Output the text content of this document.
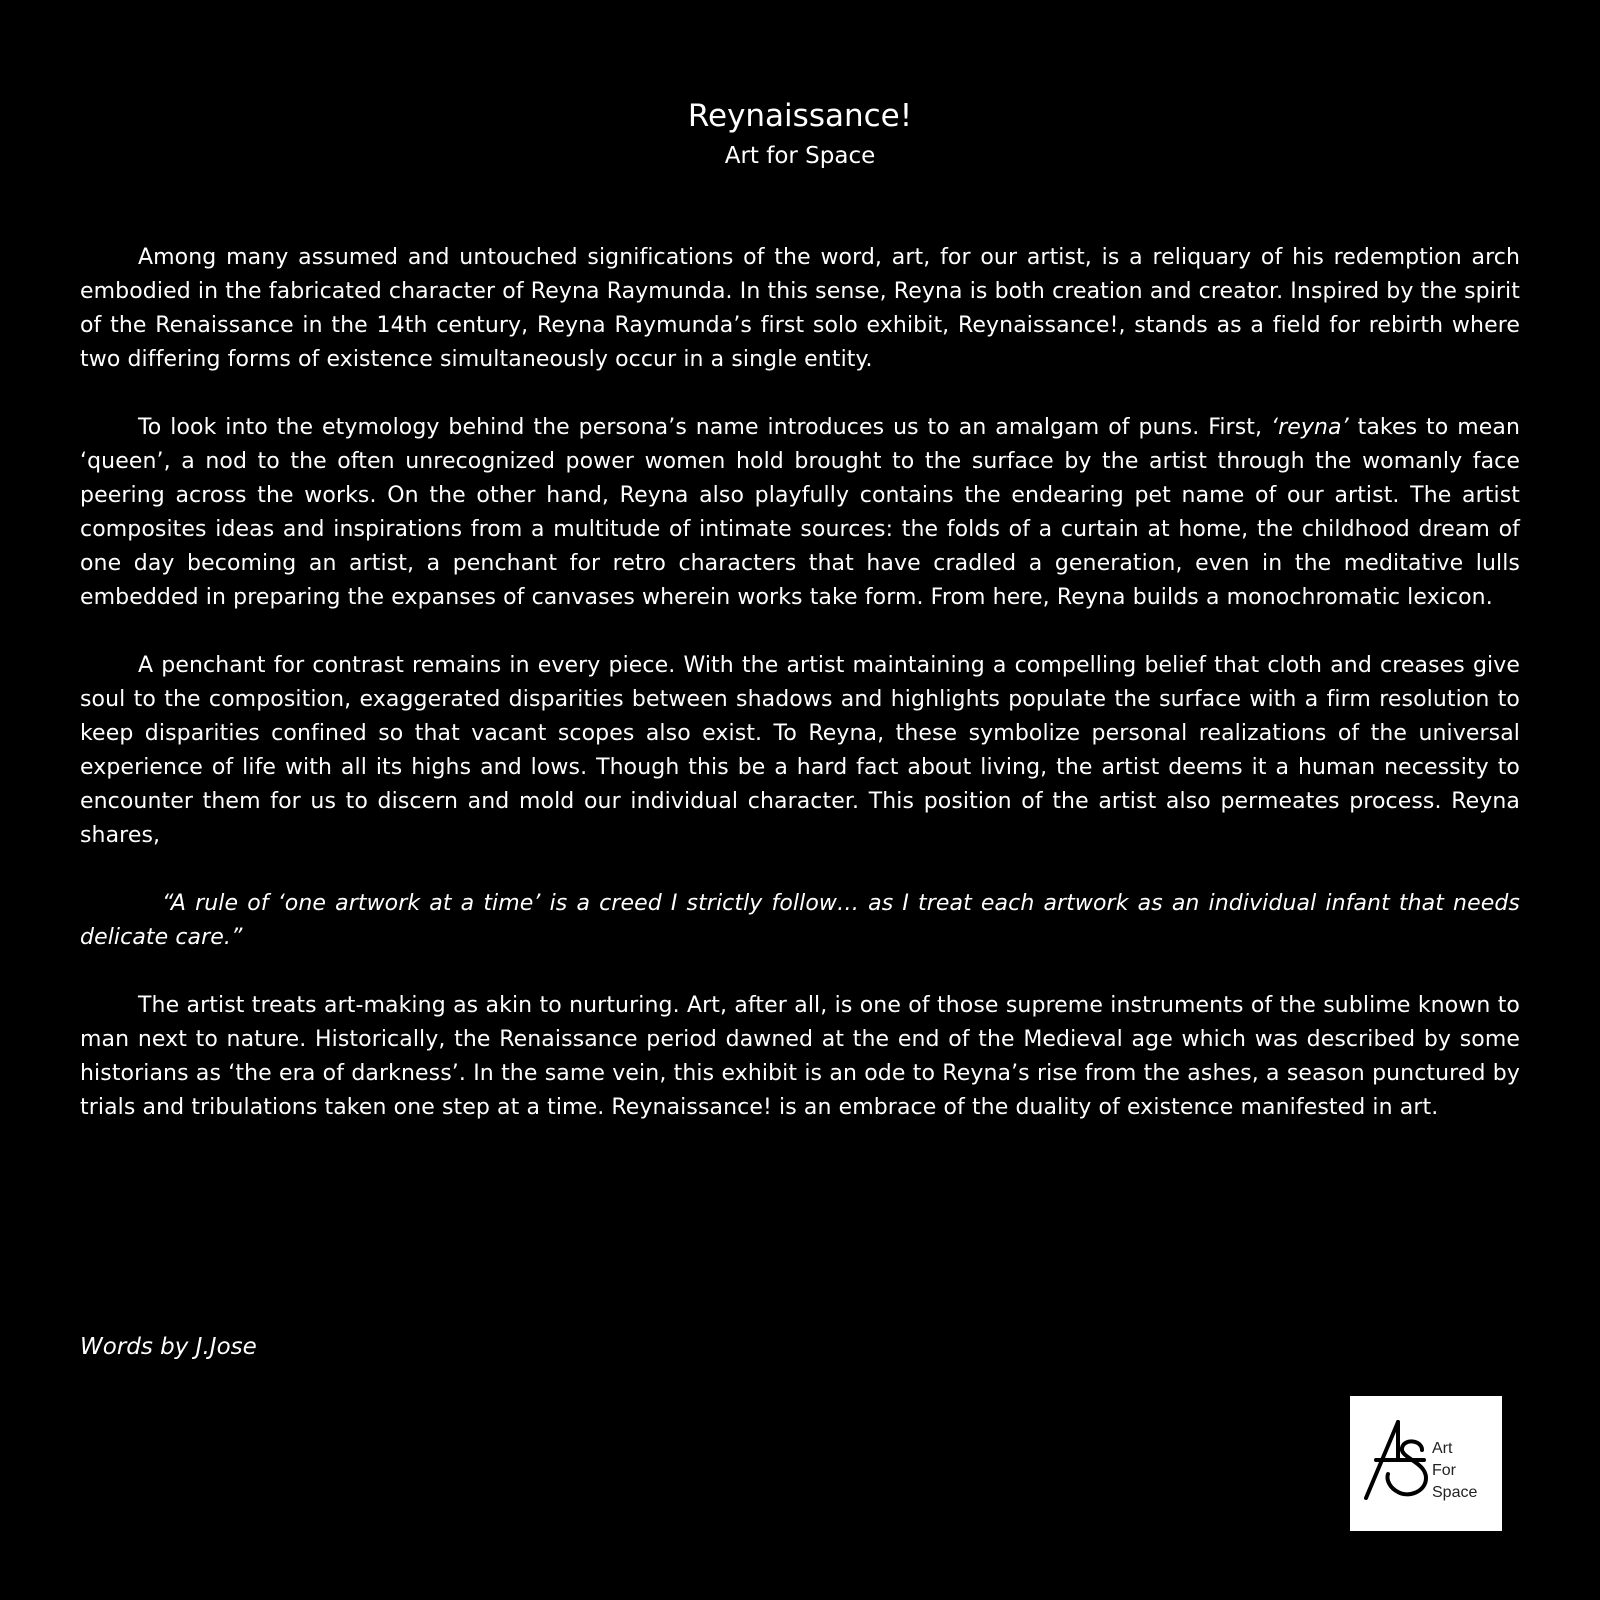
Reynaissance!
Art for Space

Among many assumed and untouched significations of the word, art, for our artist, is a reliquary of his redemption arch embodied in the fabricated character of Reyna Raymunda. In this sense, Reyna is both creation and creator. Inspired by the spirit of the Renaissance in the 14th century, Reyna Raymunda’s first solo exhibit, Reynaissance!, stands as a field for rebirth where two differing forms of existence simultaneously occur in a single entity.

To look into the etymology behind the persona’s name introduces us to an amalgam of puns. First, ‘reyna’ takes to mean ‘queen’, a nod to the often unrecognized power women hold brought to the surface by the artist through the womanly face peering across the works. On the other hand, Reyna also playfully contains the endearing pet name of our artist. The artist composites ideas and inspirations from a multitude of intimate sources: the folds of a curtain at home, the childhood dream of one day becoming an artist, a penchant for retro characters that have cradled a generation, even in the meditative lulls embedded in preparing the expanses of canvases wherein works take form. From here, Reyna builds a monochromatic lexicon.

A penchant for contrast remains in every piece. With the artist maintaining a compelling belief that cloth and creases give soul to the composition, exaggerated disparities between shadows and highlights populate the surface with a firm resolution to keep disparities confined so that vacant scopes also exist. To Reyna, these symbolize personal realizations of the universal experience of life with all its highs and lows. Though this be a hard fact about living, the artist deems it a human necessity to encounter them for us to discern and mold our individual character. This position of the artist also permeates process. Reyna shares,

“A rule of ‘one artwork at a time’ is a creed I strictly follow… as I treat each artwork as an individual infant that needs delicate care.”

The artist treats art-making as akin to nurturing. Art, after all, is one of those supreme instruments of the sublime known to man next to nature. Historically, the Renaissance period dawned at the end of the Medieval age which was described by some historians as ‘the era of darkness’. In the same vein, this exhibit is an ode to Reyna’s rise from the ashes, a season punctured by trials and tribulations taken one step at a time. Reynaissance! is an embrace of the duality of existence manifested in art.

Words by J.Jose
Art
For
Space
